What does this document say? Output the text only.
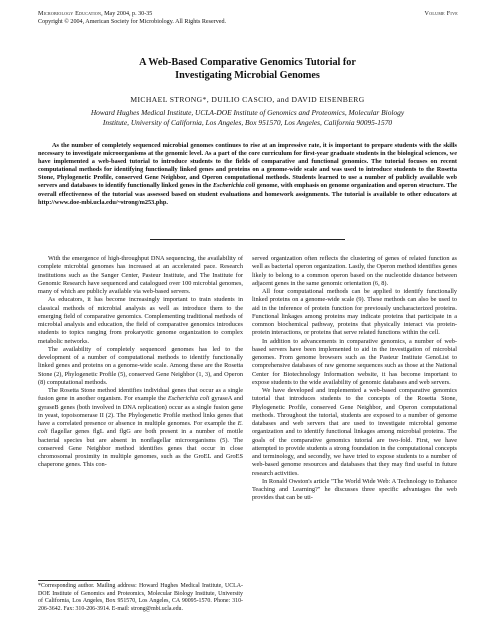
Microbiology Education, May 2004, p. 30-35
Copyright © 2004, American Society for Microbiology. All Rights Reserved.
Volume Five
A Web-Based Comparative Genomics Tutorial for
Investigating Microbial Genomes
MICHAEL STRONG*, DUILIO CASCIO, and DAVID EISENBERG
Howard Hughes Medical Institute, UCLA-DOE Institute of Genomics and Proteomics, Molecular Biology
Institute, University of California, Los Angeles, Box 951570, Los Angeles, California 90095-1570
As the number of completely sequenced microbial genomes continues to rise at an impressive rate, it is important to prepare students with the skills necessary to investigate microorganisms at the genomic level. As a part of the core curriculum for first-year graduate students in the biological sciences, we have implemented a web-based tutorial to introduce students to the fields of comparative and functional genomics. The tutorial focuses on recent computational methods for identifying functionally linked genes and proteins on a genome-wide scale and was used to introduce students to the Rosetta Stone, Phylogenetic Profile, conserved Gene Neighbor, and Operon computational methods. Students learned to use a number of publicly available web servers and databases to identify functionally linked genes in the Escherichia coli genome, with emphasis on genome organization and operon structure. The overall effectiveness of the tutorial was assessed based on student evaluations and homework assignments. The tutorial is available to other educators at http://www.doe-mbi.ucla.edu/~strong/m253.php.

With the emergence of high-throughput DNA sequencing, the availability of complete microbial genomes has increased at an accelerated pace. Research institutions such as the Sanger Center, Pasteur Institute, and The Institute for Genomic Research have sequenced and catalogued over 100 microbial genomes, many of which are publicly available via web-based servers.

As educators, it has become increasingly important to train students in classical methods of microbial analysis as well as introduce them to the emerging field of comparative genomics. Complementing traditional methods of microbial analysis and education, the field of comparative genomics introduces students to topics ranging from prokaryotic genome organization to complex metabolic networks.

The availability of completely sequenced genomes has led to the development of a number of computational methods to identify functionally linked genes and proteins on a genome-wide scale. Among these are the Rosetta Stone (2), Phylogenetic Profile (5), conserved Gene Neighbor (1, 3), and Operon (8) computational methods.

The Rosetta Stone method identifies individual genes that occur as a single fusion gene in another organism. For example the Escherichia coli gyraseA and gyraseB genes (both involved in DNA replication) occur as a single fusion gene in yeast, topoisomerase II (2). The Phylogenetic Profile method links genes that have a correlated presence or absence in multiple genomes. For example the E. coli flagellar genes flgL and flgG are both present in a number of motile bacterial species but are absent in nonflagellar microorganisms (5). The conserved Gene Neighbor method identifies genes that occur in close chromosomal proximity in multiple genomes, such as the GroEL and GroES chaperone genes. This con-

*Corresponding author. Mailing address: Howard Hughes Medical Institute, UCLA-DOE Institute of Genomics and Proteomics, Molecular Biology Institute, University of California, Los Angeles, Box 951570, Los Angeles, CA 90095-1570. Phone: 310-206-3642. Fax: 310-206-3914. E-mail: strong@mbi.ucla.edu.

served organization often reflects the clustering of genes of related function as well as bacterial operon organization. Lastly, the Operon method identifies genes likely to belong to a common operon based on the nucleotide distance between adjacent genes in the same genomic orientation (6, 8).

All four computational methods can be applied to identify functionally linked proteins on a genome-wide scale (9). These methods can also be used to aid in the inference of protein function for previously uncharacterized proteins. Functional linkages among proteins may indicate proteins that participate in a common biochemical pathway, proteins that physically interact via protein-protein interactions, or proteins that serve related functions within the cell.

In addition to advancements in comparative genomics, a number of web-based servers have been implemented to aid in the investigation of microbial genomes. From genome browsers such as the Pasteur Institute GenoList to comprehensive databases of raw genome sequences such as those at the National Center for Biotechnology Information website, it has become important to expose students to the wide availability of genomic databases and web servers.

We have developed and implemented a web-based comparative genomics tutorial that introduces students to the concepts of the Rosetta Stone, Phylogenetic Profile, conserved Gene Neighbor, and Operon computational methods. Throughout the tutorial, students are exposed to a number of genome databases and web servers that are used to investigate microbial genome organization and to identify functional linkages among microbial proteins. The goals of the comparative genomics tutorial are two-fold. First, we have attempted to provide students a strong foundation in the computational concepts and terminology, and secondly, we have tried to expose students to a number of web-based genome resources and databases that they may find useful in future research activities.

In Ronald Owston's article "The World Wide Web: A Technology to Enhance Teaching and Learning?" he discusses three specific advantages the web provides that can be uti-
